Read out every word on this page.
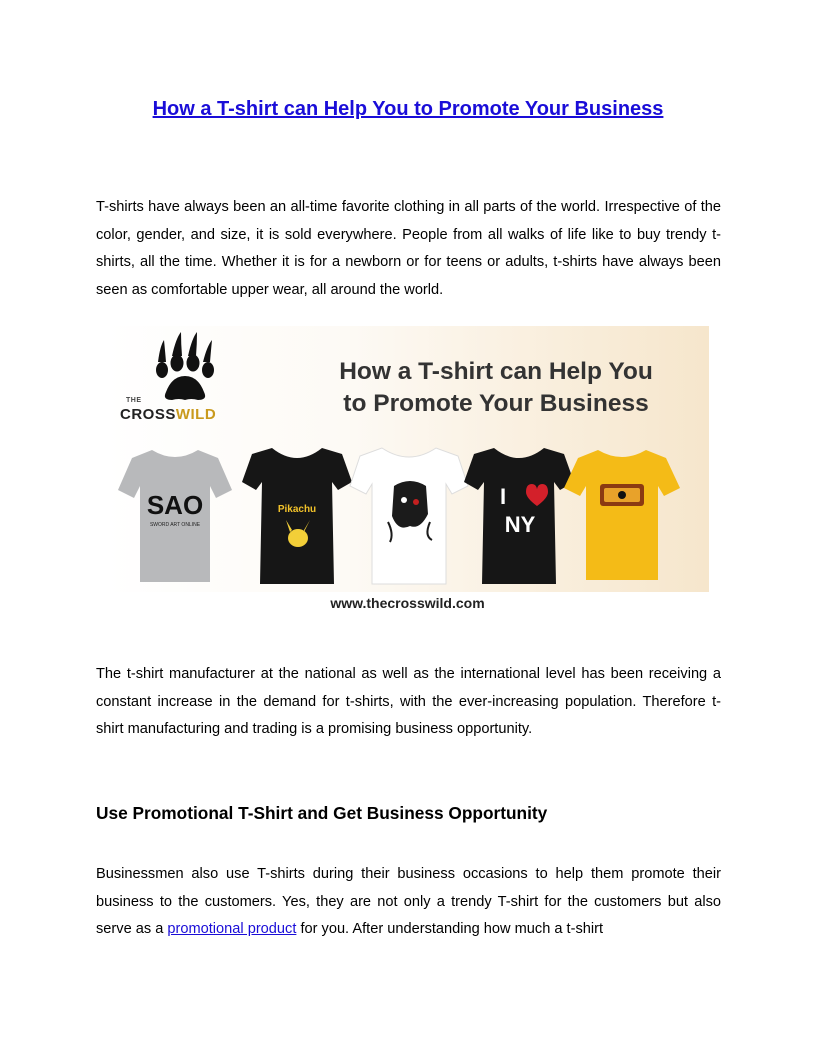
How a T-shirt can Help You to Promote Your Business

T-shirts have always been an all-time favorite clothing in all parts of the world. Irrespective of the color, gender, and size, it is sold everywhere. People from all walks of life like to buy trendy t-shirts, all the time. Whether it is for a newborn or for teens or adults, t-shirts have always been seen as comfortable upper wear, all around the world.

THE
CROSSWILD
How a T-shirt can Help You
to Promote Your Business
SAO
SWORD ART ONLINE
Pikachu
I
NY
www.thecrosswild.com

The t-shirt manufacturer at the national as well as the international level has been receiving a constant increase in the demand for t-shirts, with the ever-increasing population. Therefore t-shirt manufacturing and trading is a promising business opportunity.

Use Promotional T-Shirt and Get Business Opportunity

Businessmen also use T-shirts during their business occasions to help them promote their business to the customers. Yes, they are not only a trendy T-shirt for the customers but also serve as a promotional product for you. After understanding how much a t-shirt
